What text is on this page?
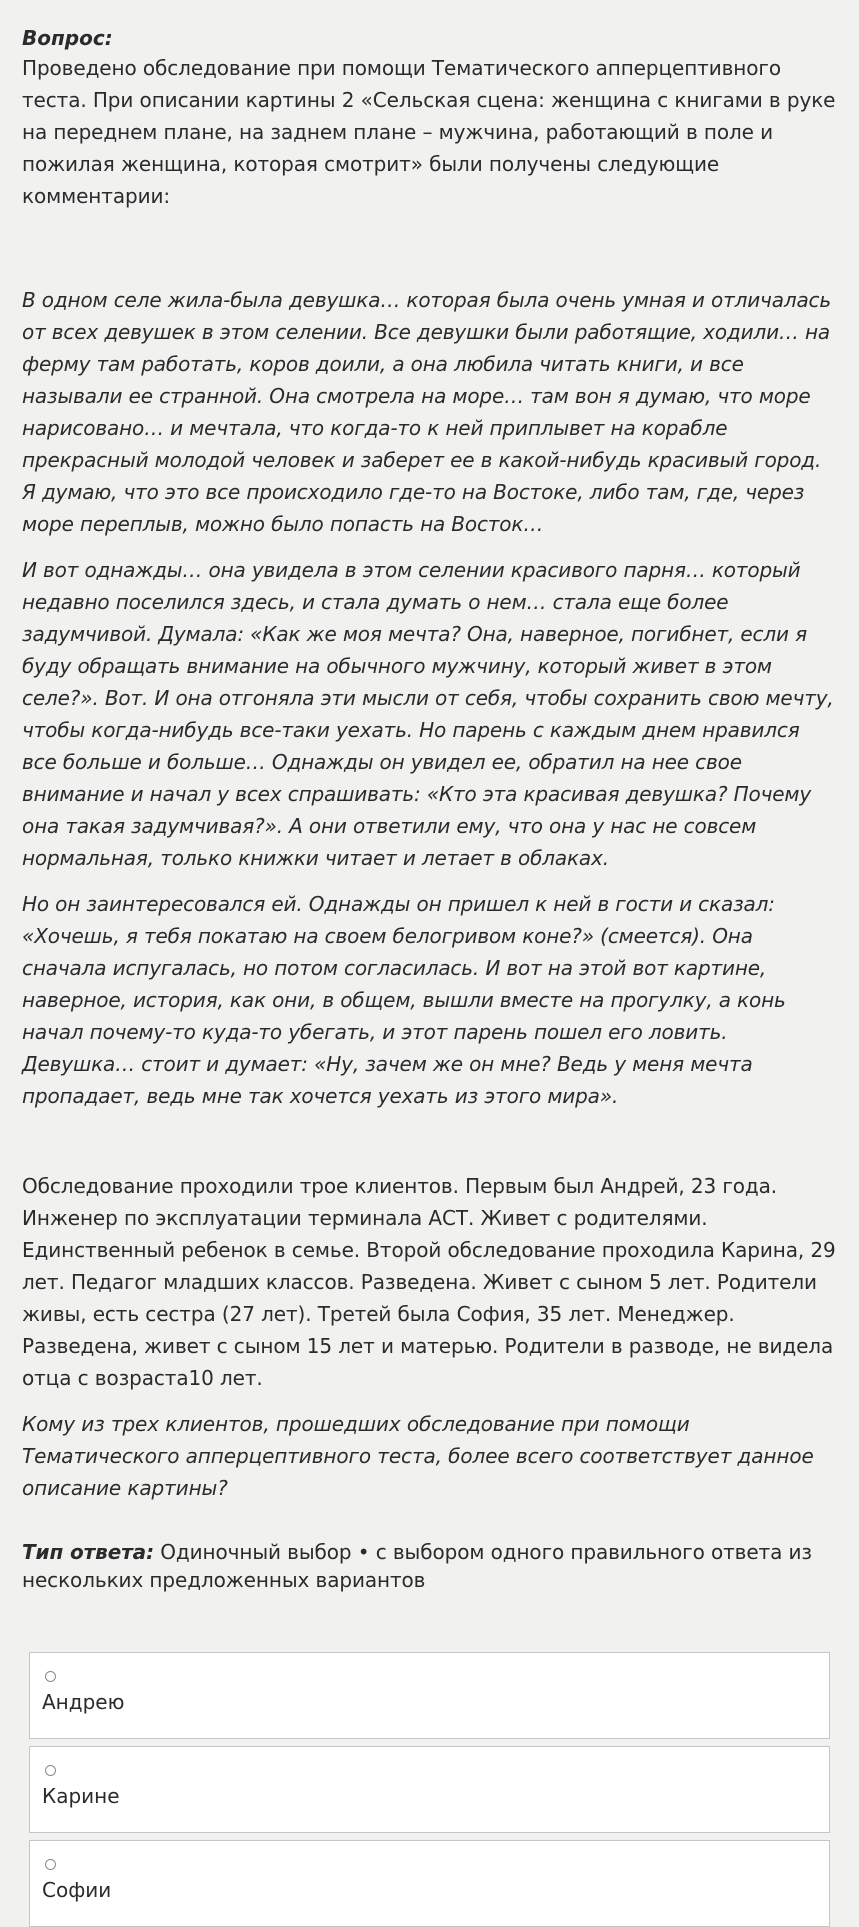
Вопрос:
Проведено обследование при помощи Тематического апперцептивного теста. При описании картины 2 «Сельская сцена: женщина с книгами в руке на переднем плане, на заднем плане – мужчина, работающий в поле и пожилая женщина, которая смотрит» были получены следующие комментарии:

В одном селе жила-была девушка… которая была очень умная и отличалась от всех девушек в этом селении. Все девушки были работящие, ходили… на ферму там работать, коров доили, а она любила читать книги, и все называли ее странной. Она смотрела на море… там вон я думаю, что море нарисовано… и мечтала, что когда-то к ней приплывет на корабле прекрасный молодой человек и заберет ее в какой-нибудь красивый город. Я думаю, что это все происходило где-то на Востоке, либо там, где, через море переплыв, можно было попасть на Восток…

И вот однажды… она увидела в этом селении красивого парня… который недавно поселился здесь, и стала думать о нем… стала еще более задумчивой. Думала: «Как же моя мечта? Она, наверное, погибнет, если я буду обращать внимание на обычного мужчину, который живет в этом селе?». Вот. И она отгоняла эти мысли от себя, чтобы сохранить свою мечту, чтобы когда-нибудь все-таки уехать. Но парень с каждым днем нравился все больше и больше… Однажды он увидел ее, обратил на нее свое внимание и начал у всех спрашивать: «Кто эта красивая девушка? Почему она такая задумчивая?». А они ответили ему, что она у нас не совсем нормальная, только книжки читает и летает в облаках.

Но он заинтересовался ей. Однажды он пришел к ней в гости и сказал: «Хочешь, я тебя покатаю на своем белогривом коне?» (смеется). Она сначала испугалась, но потом согласилась. И вот на этой вот картине, наверное, история, как они, в общем, вышли вместе на прогулку, а конь начал почему-то куда-то убегать, и этот парень пошел его ловить. Девушка… стоит и думает: «Ну, зачем же он мне? Ведь у меня мечта пропадает, ведь мне так хочется уехать из этого мира».

Обследование проходили трое клиентов. Первым был Андрей, 23 года. Инженер по эксплуатации терминала АСТ. Живет с родителями. Единственный ребенок в семье. Второй обследование проходила Карина, 29 лет. Педагог младших классов. Разведена. Живет с сыном 5 лет. Родители живы, есть сестра (27 лет). Третей была София, 35 лет. Менеджер. Разведена, живет с сыном 15 лет и матерью. Родители в разводе, не видела отца с возраста10 лет.
Кому из трех клиентов, прошедших обследование при помощи Тематического апперцептивного теста, более всего соответствует данное описание картины?
Тип ответа: Одиночный выбор • с выбором одного правильного ответа из нескольких предложенных вариантов
Андрею
Карине
Софии
